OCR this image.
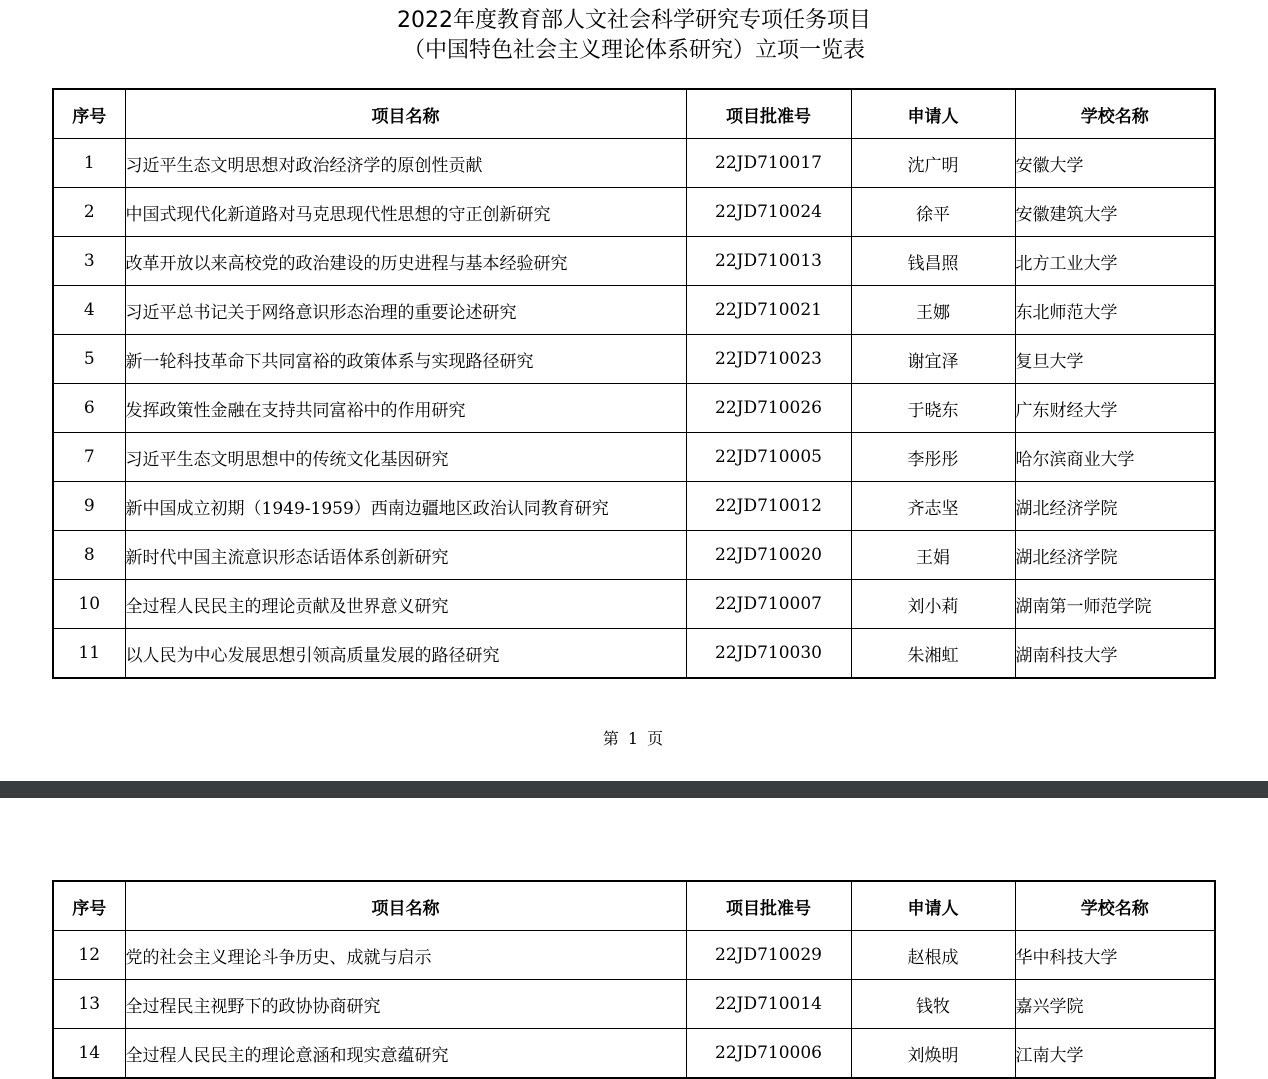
2022年度教育部人文社会科学研究专项任务项目
（中国特色社会主义理论体系研究）立项一览表
序号	项目名称	项目批准号	申请人	学校名称
1	习近平生态文明思想对政治经济学的原创性贡献	22JD710017	沈广明	安徽大学
2	中国式现代化新道路对马克思现代性思想的守正创新研究	22JD710024	徐平	安徽建筑大学
3	改革开放以来高校党的政治建设的历史进程与基本经验研究	22JD710013	钱昌照	北方工业大学
4	习近平总书记关于网络意识形态治理的重要论述研究	22JD710021	王娜	东北师范大学
5	新一轮科技革命下共同富裕的政策体系与实现路径研究	22JD710023	谢宜泽	复旦大学
6	发挥政策性金融在支持共同富裕中的作用研究	22JD710026	于晓东	广东财经大学
7	习近平生态文明思想中的传统文化基因研究	22JD710005	李彤彤	哈尔滨商业大学
9	新中国成立初期（1949-1959）西南边疆地区政治认同教育研究	22JD710012	齐志坚	湖北经济学院
8	新时代中国主流意识形态话语体系创新研究	22JD710020	王娟	湖北经济学院
10	全过程人民民主的理论贡献及世界意义研究	22JD710007	刘小莉	湖南第一师范学院
11	以人民为中心发展思想引领高质量发展的路径研究	22JD710030	朱湘虹	湖南科技大学
第 1 页
序号	项目名称	项目批准号	申请人	学校名称
12	党的社会主义理论斗争历史、成就与启示	22JD710029	赵根成	华中科技大学
13	全过程民主视野下的政协协商研究	22JD710014	钱牧	嘉兴学院
14	全过程人民民主的理论意涵和现实意蕴研究	22JD710006	刘焕明	江南大学
